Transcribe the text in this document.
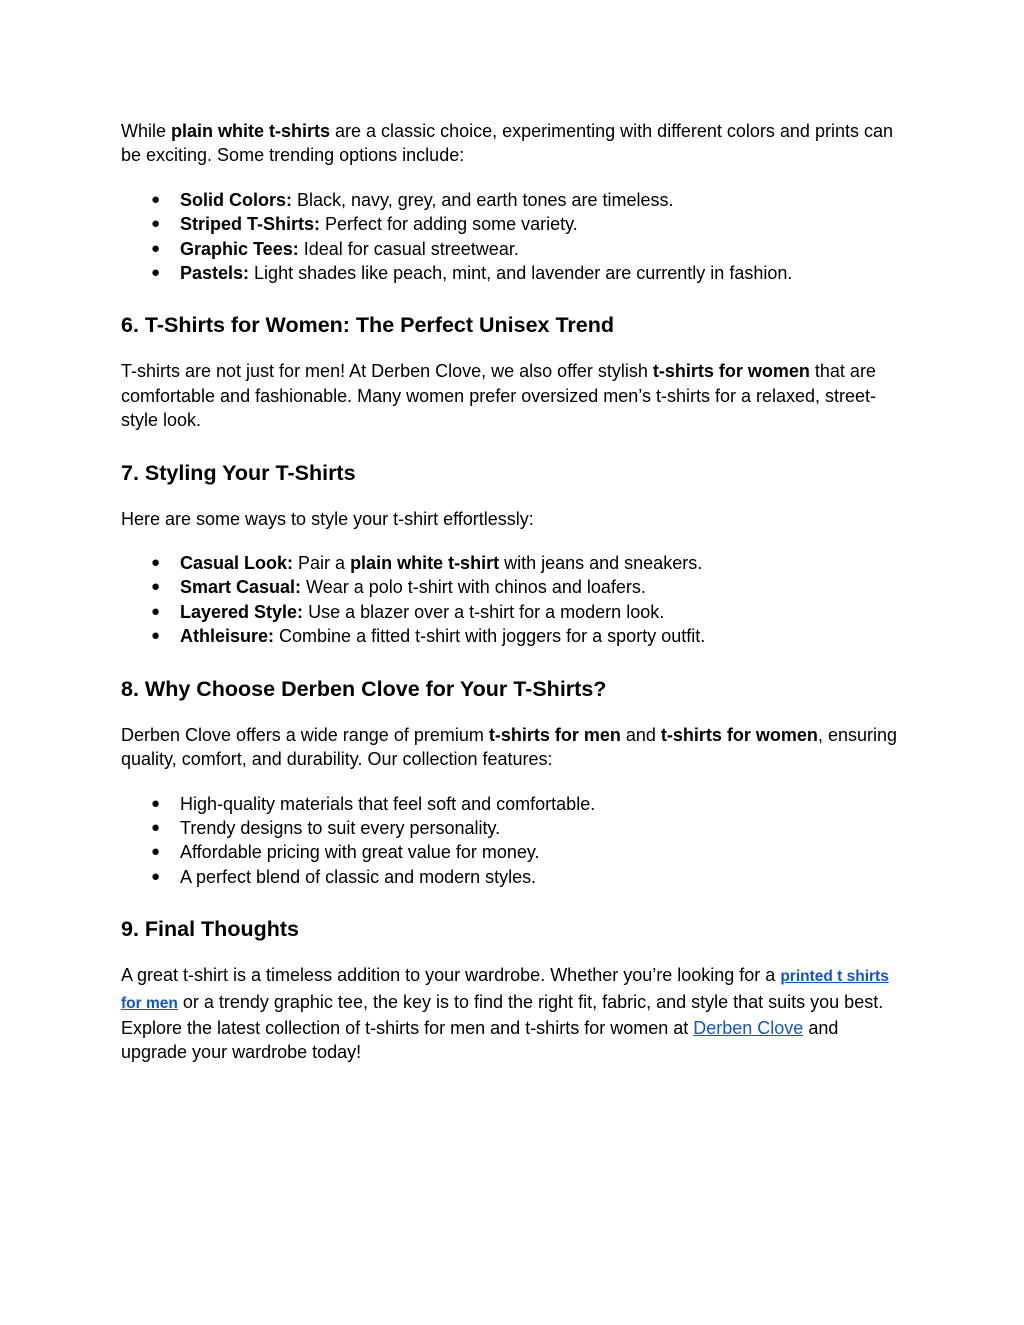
While plain white t-shirts are a classic choice, experimenting with different colors and prints can be exciting. Some trending options include:

● Solid Colors: Black, navy, grey, and earth tones are timeless.
● Striped T-Shirts: Perfect for adding some variety.
● Graphic Tees: Ideal for casual streetwear.
● Pastels: Light shades like peach, mint, and lavender are currently in fashion.
6. T-Shirts for Women: The Perfect Unisex Trend

T-shirts are not just for men! At Derben Clove, we also offer stylish t-shirts for women that are comfortable and fashionable. Many women prefer oversized men’s t-shirts for a relaxed, street-style look.

7. Styling Your T-Shirts

Here are some ways to style your t-shirt effortlessly:

● Casual Look: Pair a plain white t-shirt with jeans and sneakers.
● Smart Casual: Wear a polo t-shirt with chinos and loafers.
● Layered Style: Use a blazer over a t-shirt for a modern look.
● Athleisure: Combine a fitted t-shirt with joggers for a sporty outfit.
8. Why Choose Derben Clove for Your T-Shirts?

Derben Clove offers a wide range of premium t-shirts for men and t-shirts for women, ensuring quality, comfort, and durability. Our collection features:

● High-quality materials that feel soft and comfortable.
● Trendy designs to suit every personality.
● Affordable pricing with great value for money.
● A perfect blend of classic and modern styles.
9. Final Thoughts

A great t-shirt is a timeless addition to your wardrobe. Whether you’re looking for a printed t shirts for men or a trendy graphic tee, the key is to find the right fit, fabric, and style that suits you best. Explore the latest collection of t-shirts for men and t-shirts for women at Derben Clove and upgrade your wardrobe today!
